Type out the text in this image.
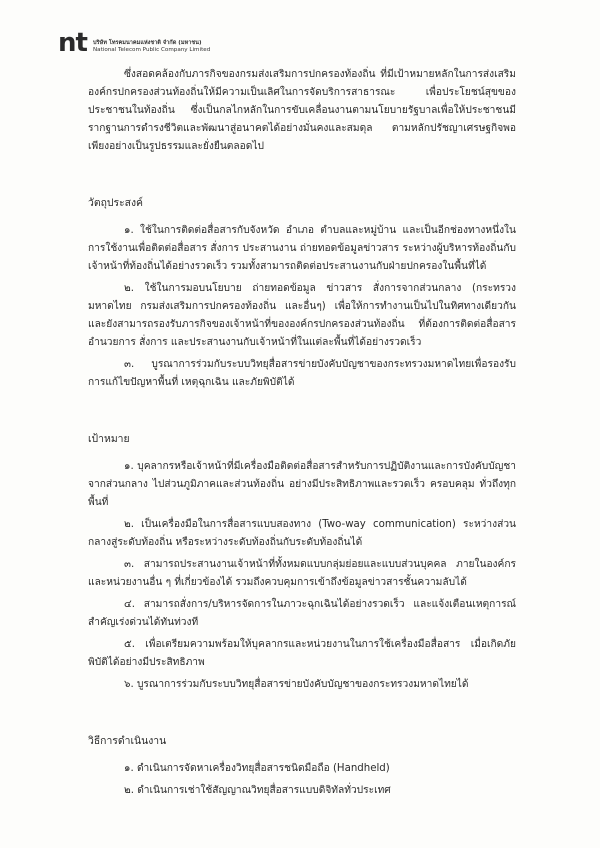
nt บริษัท โทรคมนาคมแห่งชาติ จำกัด (มหาชน)
National Telecom Public Company Limited

ซึ่งสอดคล้องกับภารกิจของกรมส่งเสริมการปกครองท้องถิ่น ที่มีเป้าหมายหลักในการส่งเสริมองค์กรปกครองส่วนท้องถิ่นให้มีความเป็นเลิศในการจัดบริการสาธารณะ เพื่อประโยชน์สุขของประชาชนในท้องถิ่น ซึ่งเป็นกลไกหลักในการขับเคลื่อนงานตามนโยบายรัฐบาลเพื่อให้ประชาชนมีรากฐานการดำรงชีวิตและพัฒนาสู่อนาคตได้อย่างมั่นคงและสมดุล ตามหลักปรัชญาเศรษฐกิจพอเพียงอย่างเป็นรูปธรรมและยั่งยืนตลอดไป

วัตถุประสงค์

๑. ใช้ในการติดต่อสื่อสารกับจังหวัด อำเภอ ตำบลและหมู่บ้าน และเป็นอีกช่องทางหนึ่งในการใช้งานเพื่อติดต่อสื่อสาร สั่งการ ประสานงาน ถ่ายทอดข้อมูลข่าวสาร ระหว่างผู้บริหารท้องถิ่นกับเจ้าหน้าที่ท้องถิ่นได้อย่างรวดเร็ว รวมทั้งสามารถติดต่อประสานงานกับฝ่ายปกครองในพื้นที่ได้

๒. ใช้ในการมอบนโยบาย ถ่ายทอดข้อมูล ข่าวสาร สั่งการจากส่วนกลาง (กระทรวงมหาดไทย กรมส่งเสริมการปกครองท้องถิ่น และอื่นๆ) เพื่อให้การทำงานเป็นไปในทิศทางเดียวกัน และยังสามารถรองรับภารกิจของเจ้าหน้าที่ขององค์กรปกครองส่วนท้องถิ่น ที่ต้องการติดต่อสื่อสาร อำนวยการ สั่งการ และประสานงานกับเจ้าหน้าที่ในแต่ละพื้นที่ได้อย่างรวดเร็ว

๓. บูรณาการร่วมกับระบบวิทยุสื่อสารข่ายบังคับบัญชาของกระทรวงมหาดไทยเพื่อรองรับการแก้ไขปัญหาพื้นที่ เหตุฉุกเฉิน และภัยพิบัติได้

เป้าหมาย

๑. บุคลากรหรือเจ้าหน้าที่มีเครื่องมือติดต่อสื่อสารสำหรับการปฏิบัติงานและการบังคับบัญชาจากส่วนกลาง ไปส่วนภูมิภาคและส่วนท้องถิ่น อย่างมีประสิทธิภาพและรวดเร็ว ครอบคลุม ทั่วถึงทุกพื้นที่

๒. เป็นเครื่องมือในการสื่อสารแบบสองทาง (Two-way communication) ระหว่างส่วนกลางสู่ระดับท้องถิ่น หรือระหว่างระดับท้องถิ่นกับระดับท้องถิ่นได้

๓. สามารถประสานงานเจ้าหน้าที่ทั้งหมดแบบกลุ่มย่อยและแบบส่วนบุคคล ภายในองค์กรและหน่วยงานอื่น ๆ ที่เกี่ยวข้องได้ รวมถึงควบคุมการเข้าถึงข้อมูลข่าวสารชั้นความลับได้

๔. สามารถสั่งการ/บริหารจัดการในภาวะฉุกเฉินได้อย่างรวดเร็ว และแจ้งเตือนเหตุการณ์สำคัญเร่งด่วนได้ทันท่วงที

๕. เพื่อเตรียมความพร้อมให้บุคลากรและหน่วยงานในการใช้เครื่องมือสื่อสาร เมื่อเกิดภัยพิบัติได้อย่างมีประสิทธิภาพ

๖. บูรณาการร่วมกับระบบวิทยุสื่อสารข่ายบังคับบัญชาของกระทรวงมหาดไทยได้

วิธีการดำเนินงาน

๑. ดำเนินการจัดหาเครื่องวิทยุสื่อสารชนิดมือถือ (Handheld)

๒. ดำเนินการเช่าใช้สัญญาณวิทยุสื่อสารแบบดิจิทัลทั่วประเทศ
